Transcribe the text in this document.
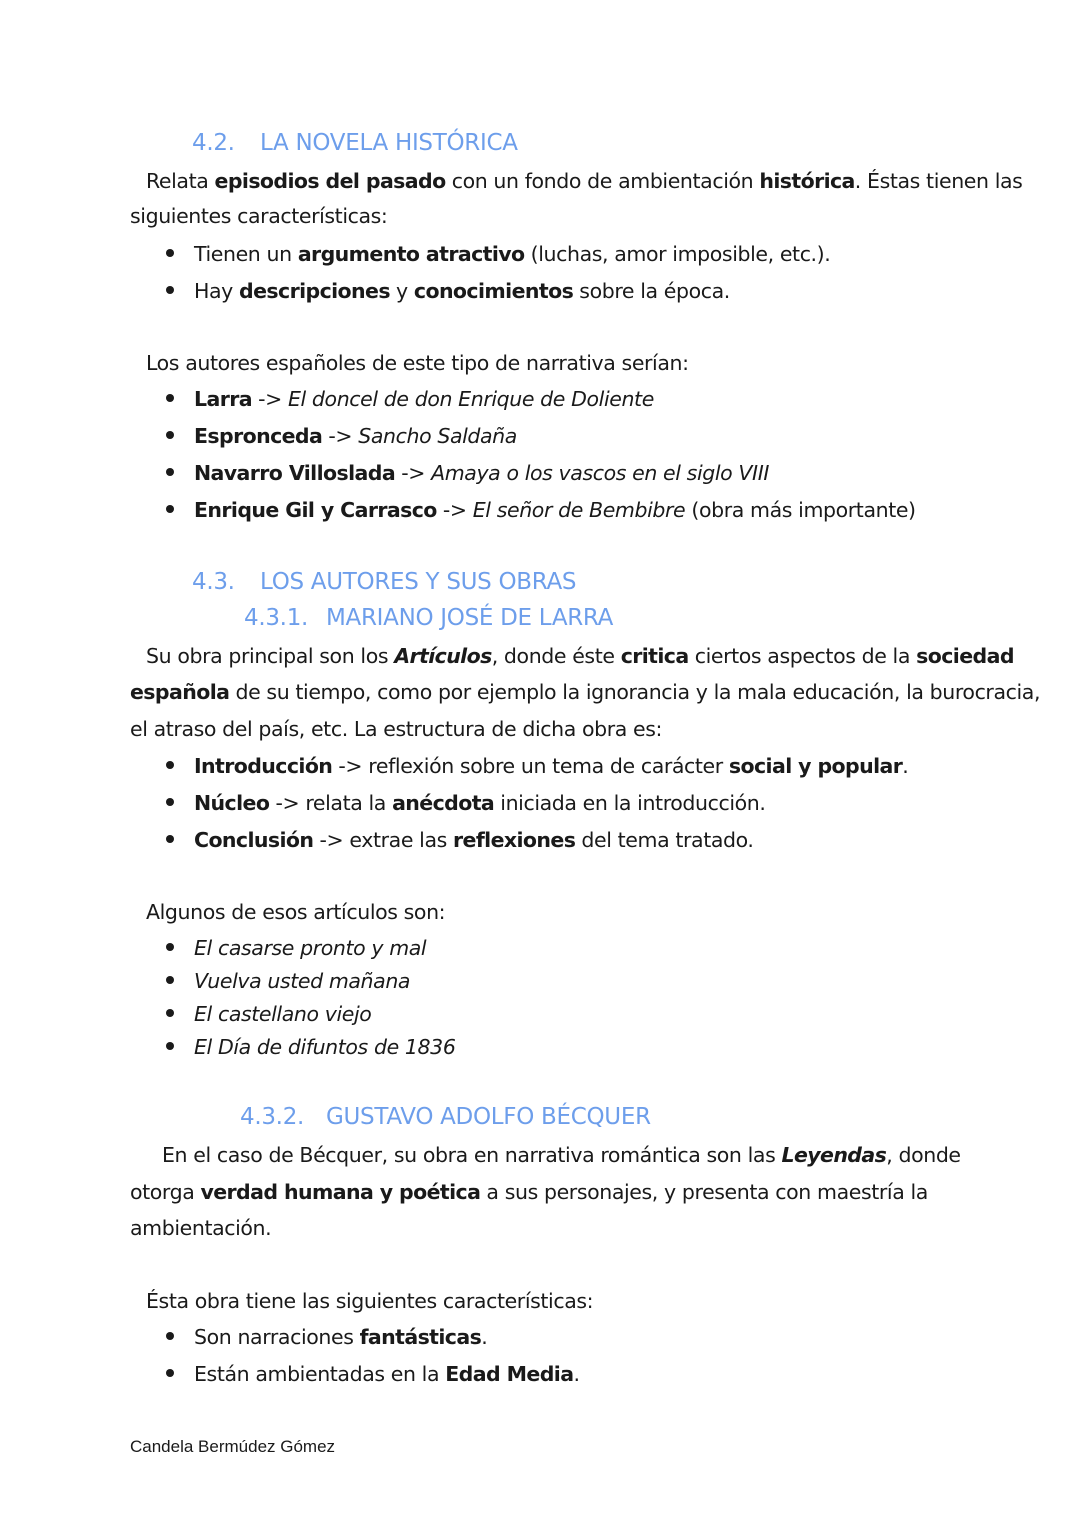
4.2. LA NOVELA HISTÓRICA
Relata episodios del pasado con un fondo de ambientación histórica. Éstas tienen las
siguientes características:
Tienen un argumento atractivo (luchas, amor imposible, etc.).
Hay descripciones y conocimientos sobre la época.
Los autores españoles de este tipo de narrativa serían:
Larra -> El doncel de don Enrique de Doliente
Espronceda -> Sancho Saldaña
Navarro Villoslada -> Amaya o los vascos en el siglo VIII
Enrique Gil y Carrasco -> El señor de Bembibre (obra más importante)
4.3. LOS AUTORES Y SUS OBRAS
4.3.1. MARIANO JOSÉ DE LARRA
Su obra principal son los Artículos, donde éste critica ciertos aspectos de la sociedad
española de su tiempo, como por ejemplo la ignorancia y la mala educación, la burocracia,
el atraso del país, etc. La estructura de dicha obra es:
Introducción -> reflexión sobre un tema de carácter social y popular.
Núcleo -> relata la anécdota iniciada en la introducción.
Conclusión -> extrae las reflexiones del tema tratado.
Algunos de esos artículos son:
El casarse pronto y mal
Vuelva usted mañana
El castellano viejo
El Día de difuntos de 1836
4.3.2. GUSTAVO ADOLFO BÉCQUER
En el caso de Bécquer, su obra en narrativa romántica son las Leyendas, donde
otorga verdad humana y poética a sus personajes, y presenta con maestría la
ambientación.
Ésta obra tiene las siguientes características:
Son narraciones fantásticas.
Están ambientadas en la Edad Media.
Candela Bermúdez Gómez
